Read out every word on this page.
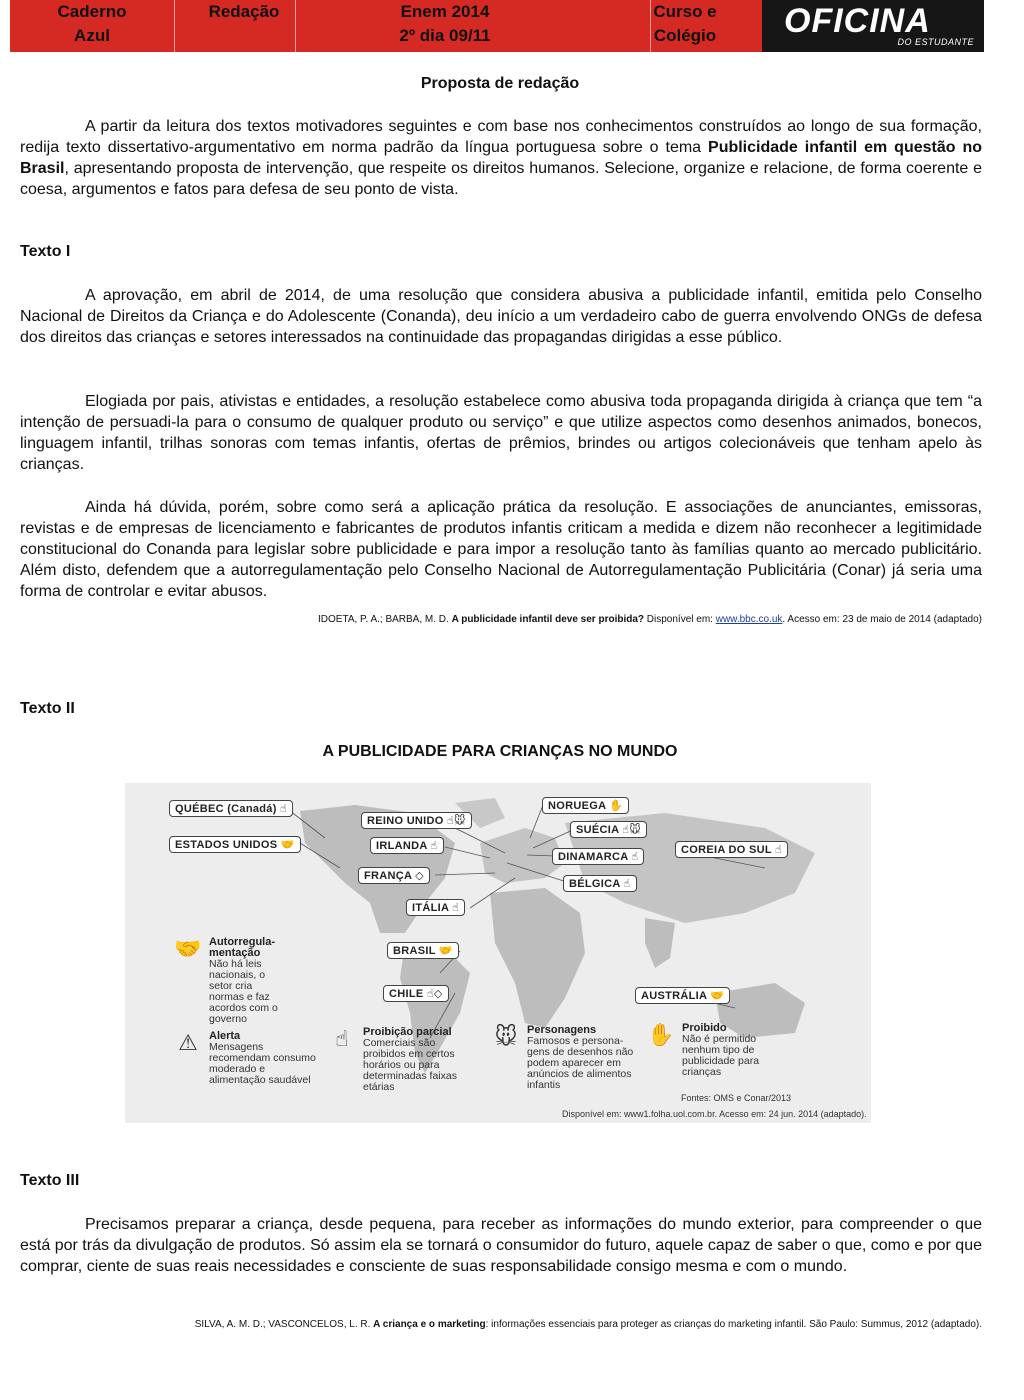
Caderno
Azul
Redação	Enem 2014
2º dia 09/11
Curso e
Colégio	OFICINA
DO ESTUDANTE
Proposta de redação
A partir da leitura dos textos motivadores seguintes e com base nos conhecimentos construídos ao longo de sua formação, redija texto dissertativo-argumentativo em norma padrão da língua portuguesa sobre o tema Publicidade infantil em questão no Brasil, apresentando proposta de intervenção, que respeite os direitos humanos. Selecione, organize e relacione, de forma coerente e coesa, argumentos e fatos para defesa de seu ponto de vista.
Texto I
A aprovação, em abril de 2014, de uma resolução que considera abusiva a publicidade infantil, emitida pelo Conselho Nacional de Direitos da Criança e do Adolescente (Conanda), deu início a um verdadeiro cabo de guerra envolvendo ONGs de defesa dos direitos das crianças e setores interessados na continuidade das propagandas dirigidas a esse público.
Elogiada por pais, ativistas e entidades, a resolução estabelece como abusiva toda propaganda dirigida à criança que tem “a intenção de persuadi-la para o consumo de qualquer produto ou serviço” e que utilize aspectos como desenhos animados, bonecos, linguagem infantil, trilhas sonoras com temas infantis, ofertas de prêmios, brindes ou artigos colecionáveis que tenham apelo às crianças.
Ainda há dúvida, porém, sobre como será a aplicação prática da resolução. E associações de anunciantes, emissoras, revistas e de empresas de licenciamento e fabricantes de produtos infantis criticam a medida e dizem não reconhecer a legitimidade constitucional do Conanda para legislar sobre publicidade e para impor a resolução tanto às famílias quanto ao mercado publicitário. Além disto, defendem que a autorregulamentação pelo Conselho Nacional de Autorregulamentação Publicitária (Conar) já seria uma forma de controlar e evitar abusos.
IDOETA, P. A.; BARBA, M. D. A publicidade infantil deve ser proibida? Disponível em: www.bbc.co.uk. Acesso em: 23 de maio de 2014 (adaptado)
Texto II
A PUBLICIDADE PARA CRIANÇAS NO MUNDO
QUÉBEC (Canadá) ☝
ESTADOS UNIDOS 🤝
REINO UNIDO ☝🐭
IRLANDA ☝
FRANÇA ◇
ITÁLIA ☝
NORUEGA ✋
SUÉCIA ☝🐭
DINAMARCA ☝
BÉLGICA ☝
COREIA DO SUL ☝
BRASIL 🤝
CHILE ☝◇	AUSTRÁLIA 🤝
🤝 Autorregula-mentação
Não há leis nacionais, o setor cria normas e faz acordos com o governo
⚠	Alerta
Mensagens recomendam consumo moderado e alimentação saudável
☝	Proibição parcial
Comerciais são proibidos em certos horários ou para determinadas faixas etárias
🐭 Personagens
Famosos e persona-gens de desenhos não podem aparecer em anúncios de alimentos infantis
✋ Proibido
Não é permitido nenhum tipo de publicidade para crianças
Fontes: OMS e Conar/2013
Disponível em: www1.folha.uol.com.br. Acesso em: 24 jun. 2014 (adaptado).
Texto III
Precisamos preparar a criança, desde pequena, para receber as informações do mundo exterior, para compreender o que está por trás da divulgação de produtos. Só assim ela se tornará o consumidor do futuro, aquele capaz de saber o que, como e por que comprar, ciente de suas reais necessidades e consciente de suas responsabilidade consigo mesma e com o mundo.
SILVA, A. M. D.; VASCONCELOS, L. R. A criança e o marketing: informações essenciais para proteger as crianças do marketing infantil. São Paulo: Summus, 2012 (adaptado).
